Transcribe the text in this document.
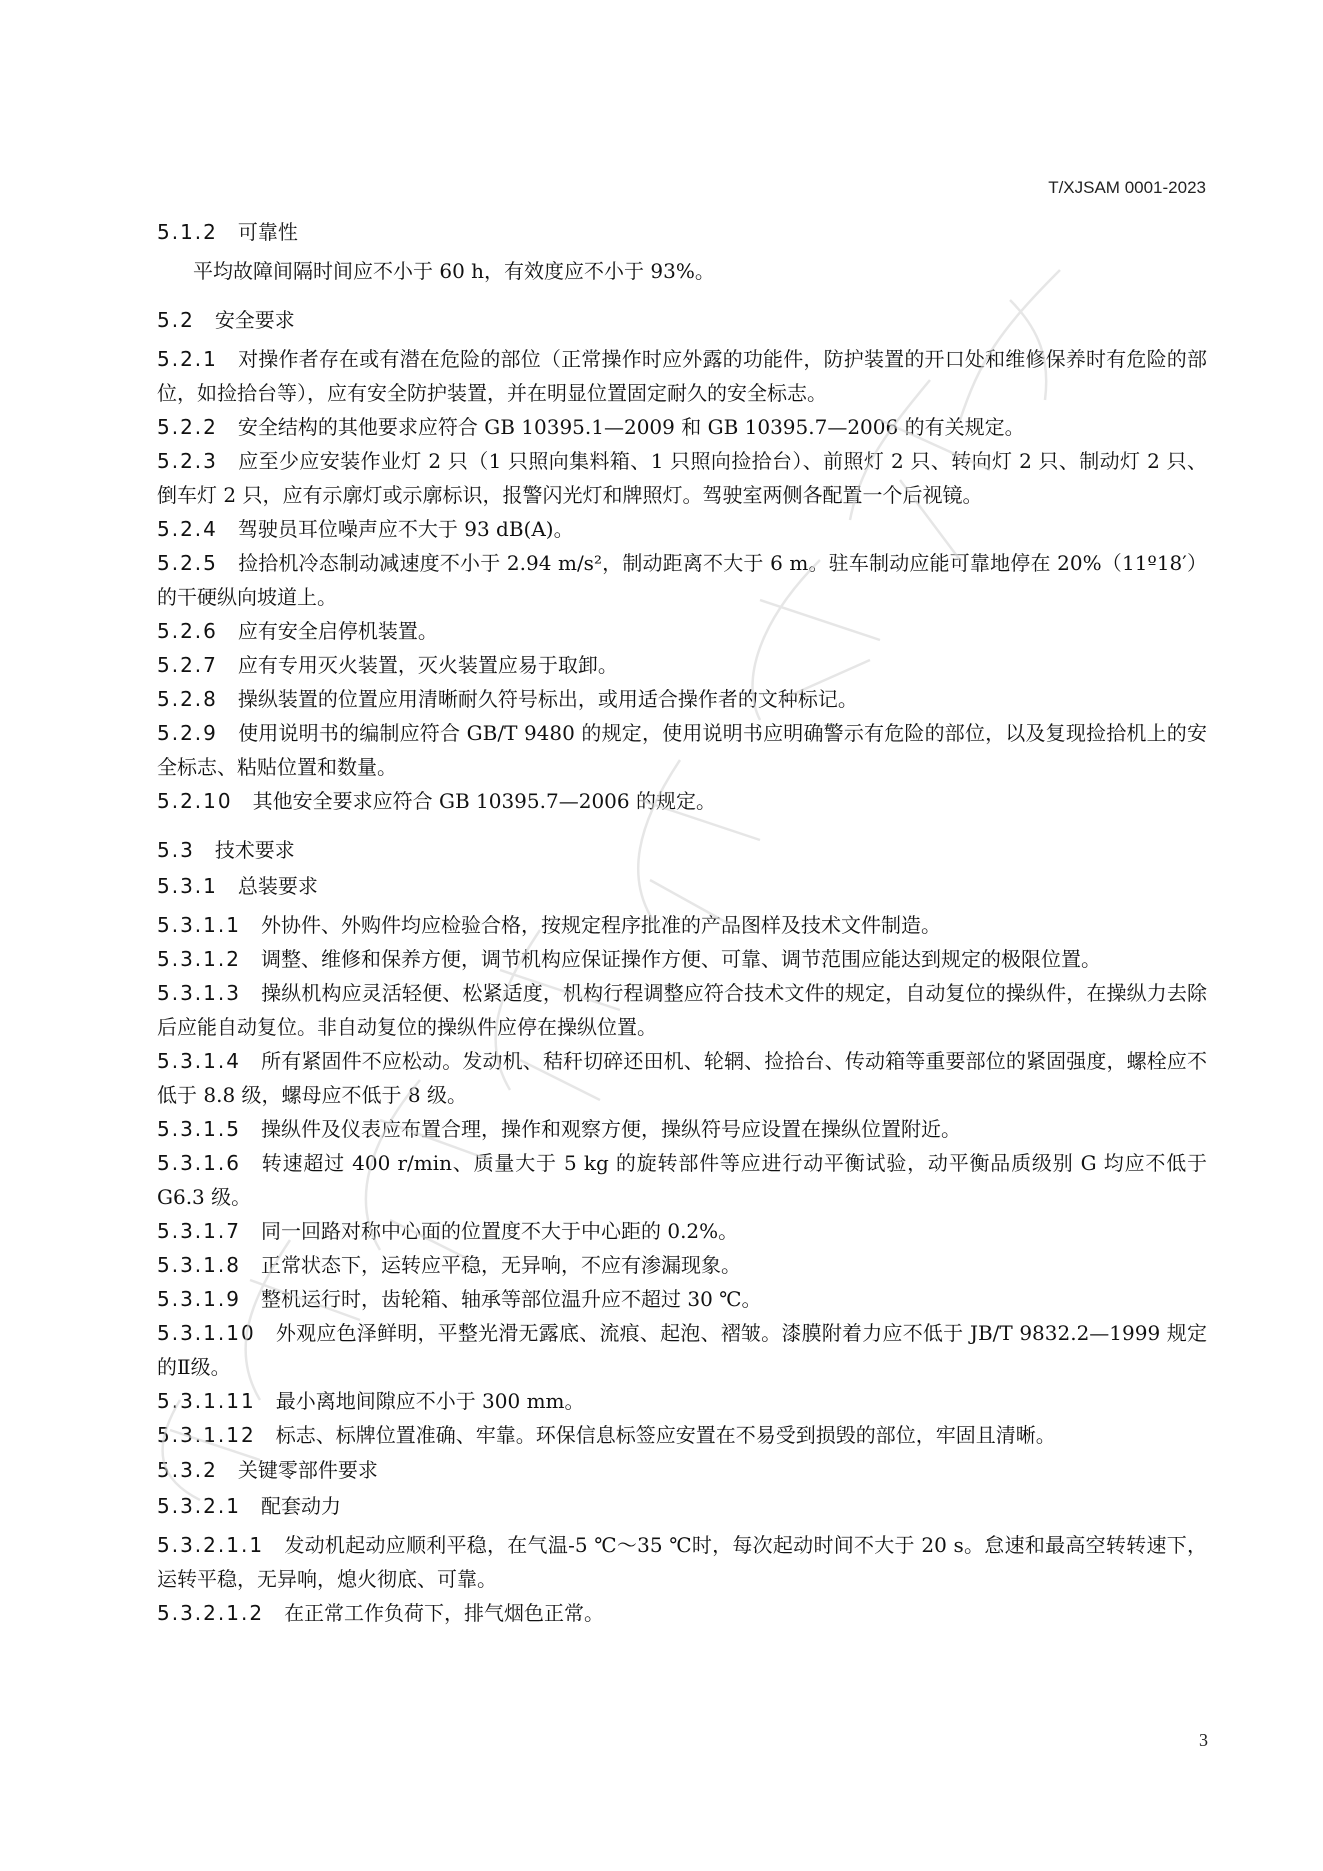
T/XJSAM 0001-2023
5.1.2 可靠性

平均故障间隔时间应不小于 60 h，有效度应不小于 93%。

5.2 安全要求

5.2.1 对操作者存在或有潜在危险的部位（正常操作时应外露的功能件，防护装置的开口处和维修保养时有危险的部位，如捡拾台等），应有安全防护装置，并在明显位置固定耐久的安全标志。

5.2.2 安全结构的其他要求应符合 GB 10395.1—2009 和 GB 10395.7—2006 的有关规定。

5.2.3 应至少应安装作业灯 2 只（1 只照向集料箱、1 只照向捡拾台）、前照灯 2 只、转向灯 2 只、制动灯 2 只、倒车灯 2 只，应有示廓灯或示廓标识，报警闪光灯和牌照灯。驾驶室两侧各配置一个后视镜。

5.2.4 驾驶员耳位噪声应不大于 93 dB(A)。

5.2.5 捡拾机冷态制动减速度不小于 2.94 m/s²，制动距离不大于 6 m。驻车制动应能可靠地停在 20%（11º18′）的干硬纵向坡道上。

5.2.6 应有安全启停机装置。

5.2.7 应有专用灭火装置，灭火装置应易于取卸。

5.2.8 操纵装置的位置应用清晰耐久符号标出，或用适合操作者的文种标记。

5.2.9 使用说明书的编制应符合 GB/T 9480 的规定，使用说明书应明确警示有危险的部位，以及复现捡拾机上的安全标志、粘贴位置和数量。

5.2.10 其他安全要求应符合 GB 10395.7—2006 的规定。

5.3 技术要求
5.3.1 总装要求

5.3.1.1 外协件、外购件均应检验合格，按规定程序批准的产品图样及技术文件制造。

5.3.1.2 调整、维修和保养方便，调节机构应保证操作方便、可靠、调节范围应能达到规定的极限位置。

5.3.1.3 操纵机构应灵活轻便、松紧适度，机构行程调整应符合技术文件的规定，自动复位的操纵件，在操纵力去除后应能自动复位。非自动复位的操纵件应停在操纵位置。

5.3.1.4 所有紧固件不应松动。发动机、秸秆切碎还田机、轮辋、捡拾台、传动箱等重要部位的紧固强度，螺栓应不低于 8.8 级，螺母应不低于 8 级。

5.3.1.5 操纵件及仪表应布置合理，操作和观察方便，操纵符号应设置在操纵位置附近。

5.3.1.6 转速超过 400 r/min、质量大于 5 kg 的旋转部件等应进行动平衡试验，动平衡品质级别 G 均应不低于 G6.3 级。

5.3.1.7 同一回路对称中心面的位置度不大于中心距的 0.2%。

5.3.1.8 正常状态下，运转应平稳，无异响，不应有渗漏现象。

5.3.1.9 整机运行时，齿轮箱、轴承等部位温升应不超过 30 ℃。

5.3.1.10 外观应色泽鲜明，平整光滑无露底、流痕、起泡、褶皱。漆膜附着力应不低于 JB/T 9832.2—1999 规定的Ⅱ级。

5.3.1.11 最小离地间隙应不小于 300 mm。

5.3.1.12 标志、标牌位置准确、牢靠。环保信息标签应安置在不易受到损毁的部位，牢固且清晰。

5.3.2 关键零部件要求
5.3.2.1 配套动力

5.3.2.1.1 发动机起动应顺利平稳，在气温-5 ℃～35 ℃时，每次起动时间不大于 20 s。怠速和最高空转转速下，运转平稳，无异响，熄火彻底、可靠。

5.3.2.1.2 在正常工作负荷下，排气烟色正常。

3
